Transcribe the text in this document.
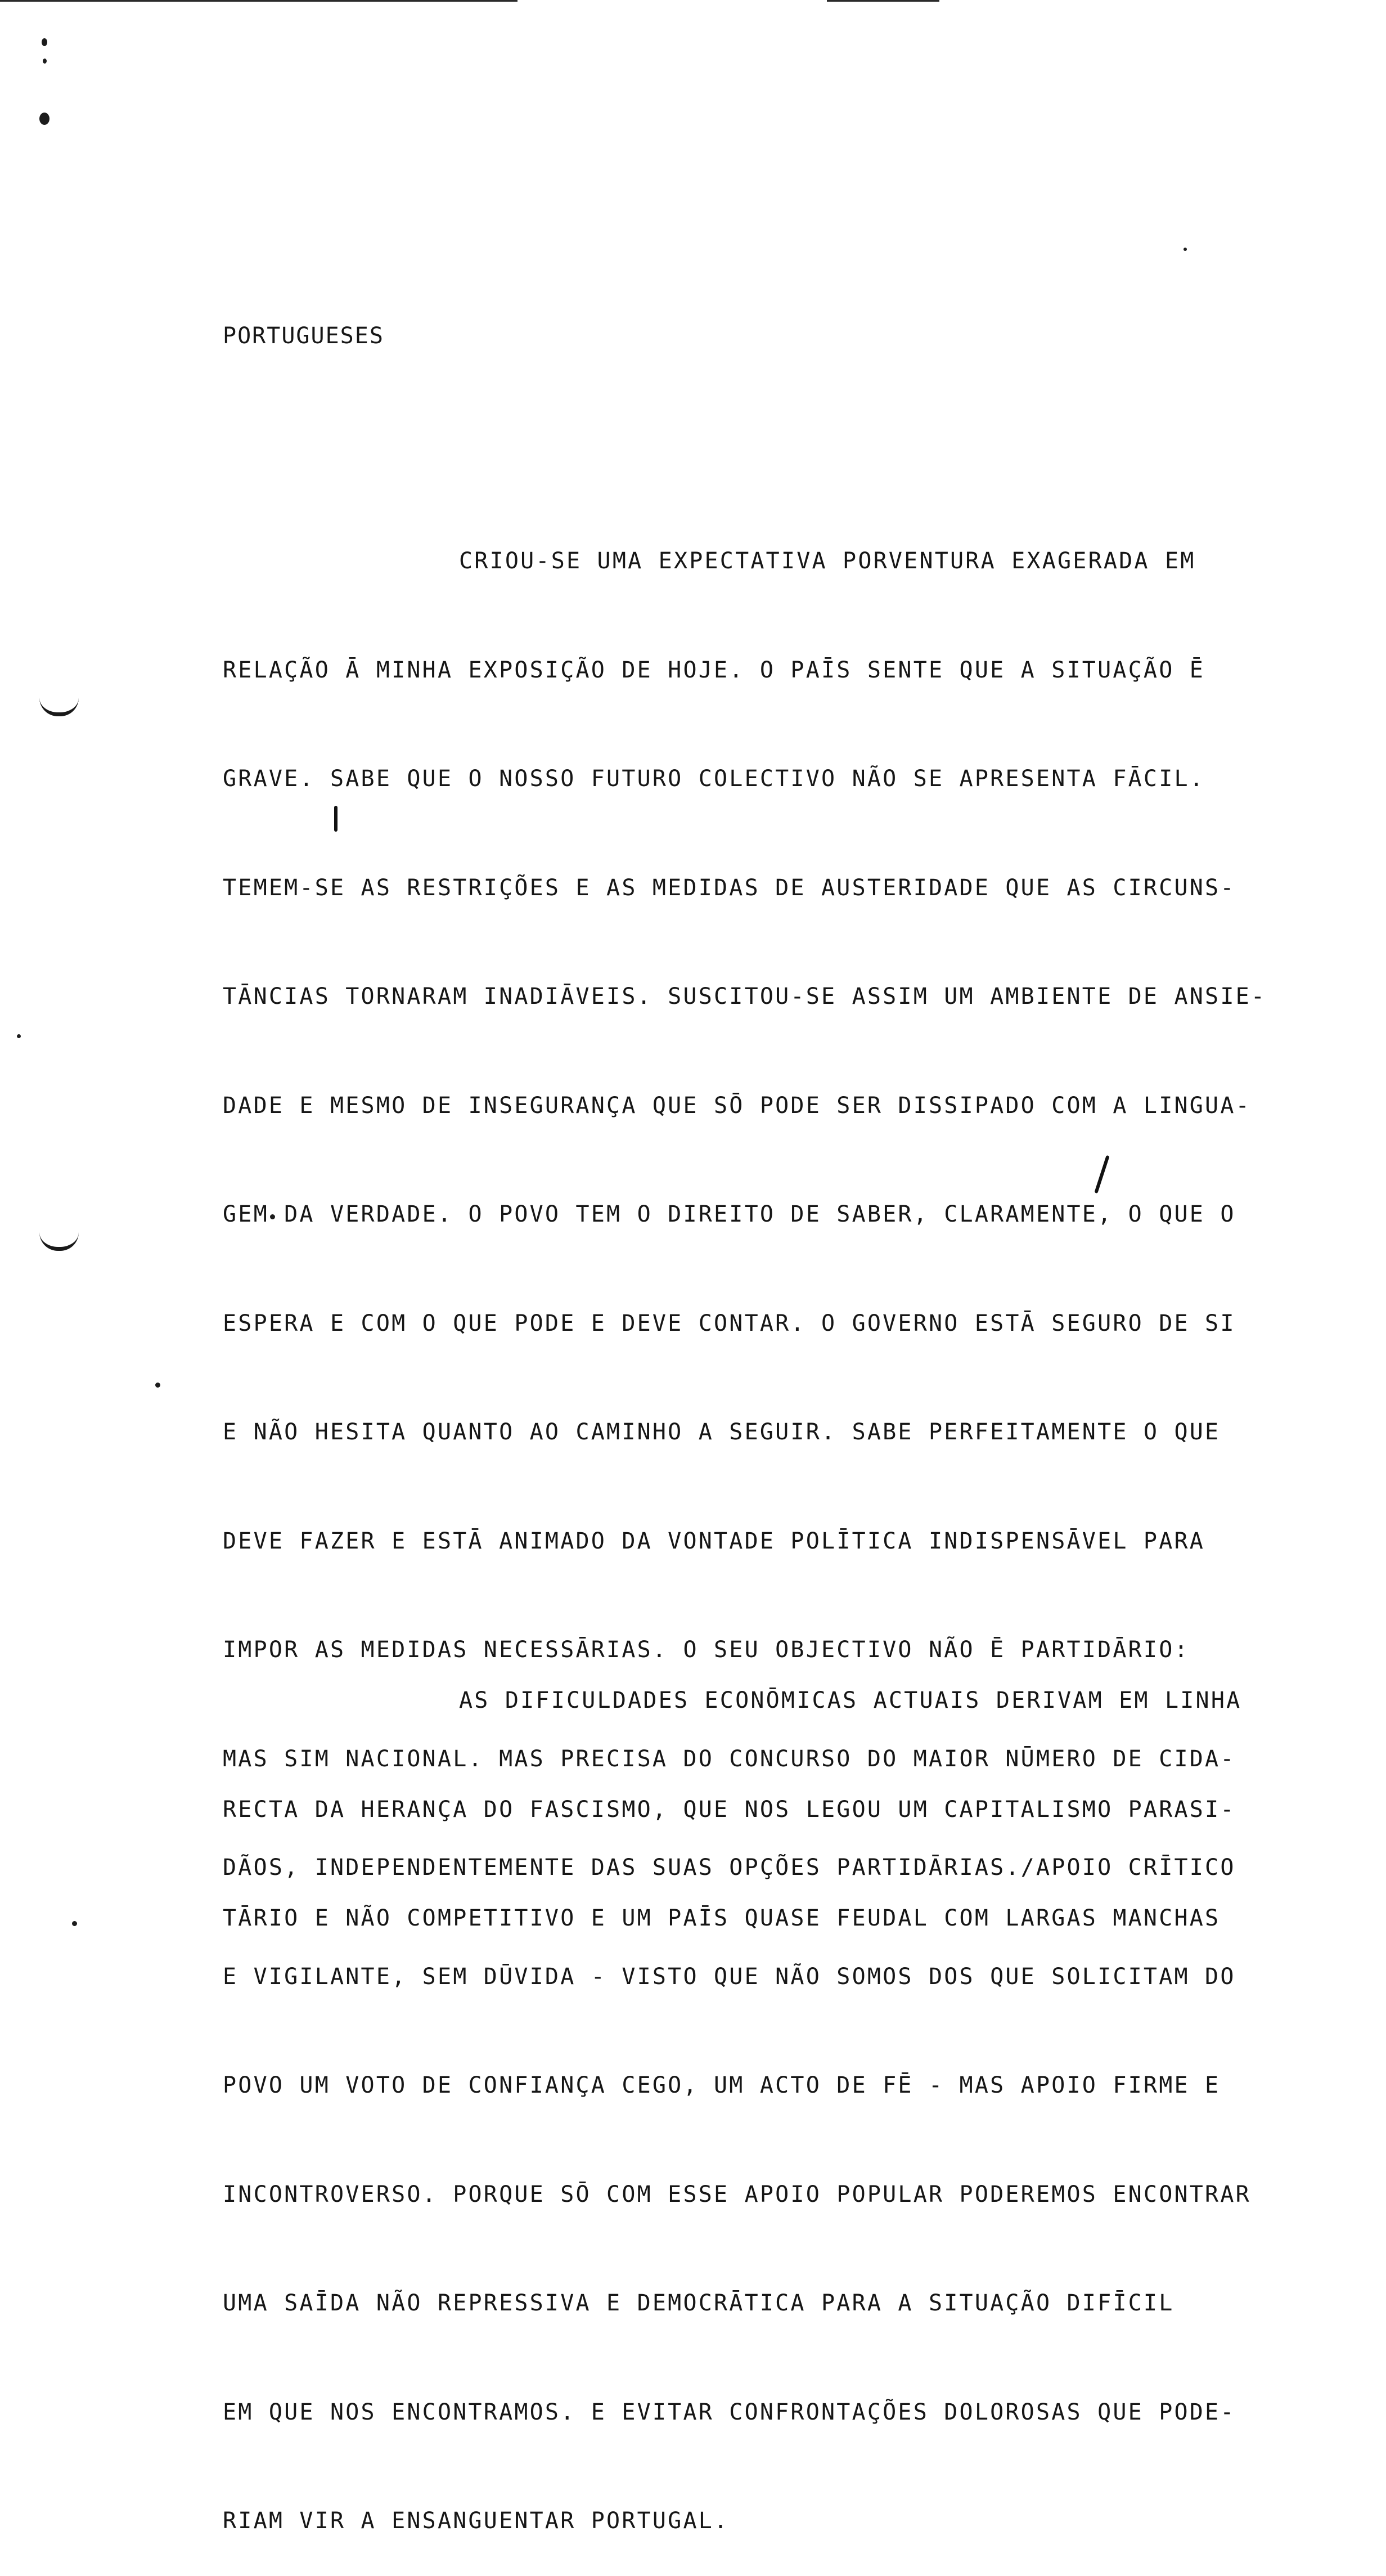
PORTUGUESES

CRIOU-SE UMA EXPECTATIVA PORVENTURA EXAGERADA EM

RELAÇÃO Ā MINHA EXPOSIÇÃO DE HOJE. O PAĪS SENTE QUE A SITUAÇÃO Ē

GRAVE. SABE QUE O NOSSO FUTURO COLECTIVO NÃO SE APRESENTA FĀCIL.

TEMEM-SE AS RESTRIÇÕES E AS MEDIDAS DE AUSTERIDADE QUE AS CIRCUNS-

TĀNCIAS TORNARAM INADIĀVEIS. SUSCITOU-SE ASSIM UM AMBIENTE DE ANSIE-

DADE E MESMO DE INSEGURANÇA QUE SŌ PODE SER DISSIPADO COM A LINGUA-

GEM DA VERDADE. O POVO TEM O DIREITO DE SABER, CLARAMENTE, O QUE O

ESPERA E COM O QUE PODE E DEVE CONTAR. O GOVERNO ESTĀ SEGURO DE SI

E NÃO HESITA QUANTO AO CAMINHO A SEGUIR. SABE PERFEITAMENTE O QUE

DEVE FAZER E ESTĀ ANIMADO DA VONTADE POLĪTICA INDISPENSĀVEL PARA

IMPOR AS MEDIDAS NECESSĀRIAS. O SEU OBJECTIVO NÃO Ē PARTIDĀRIO:

MAS SIM NACIONAL. MAS PRECISA DO CONCURSO DO MAIOR NŪMERO DE CIDA-

DÃOS, INDEPENDENTEMENTE DAS SUAS OPÇÕES PARTIDĀRIAS./APOIO CRĪTICO

E VIGILANTE, SEM DŪVIDA - VISTO QUE NÃO SOMOS DOS QUE SOLICITAM DO

POVO UM VOTO DE CONFIANÇA CEGO, UM ACTO DE FĒ - MAS APOIO FIRME E

INCONTROVERSO. PORQUE SŌ COM ESSE APOIO POPULAR PODEREMOS ENCONTRAR

UMA SAĪDA NÃO REPRESSIVA E DEMOCRĀTICA PARA A SITUAÇÃO DIFĪCIL

EM QUE NOS ENCONTRAMOS. E EVITAR CONFRONTAÇÕES DOLOROSAS QUE PODE-

RIAM VIR A ENSANGUENTAR PORTUGAL.

AS DIFICULDADES ECONŌMICAS ACTUAIS DERIVAM EM LINHA

RECTA DA HERANÇA DO FASCISMO, QUE NOS LEGOU UM CAPITALISMO PARASI-

TĀRIO E NÃO COMPETITIVO E UM PAĪS QUASE FEUDAL COM LARGAS MANCHAS
